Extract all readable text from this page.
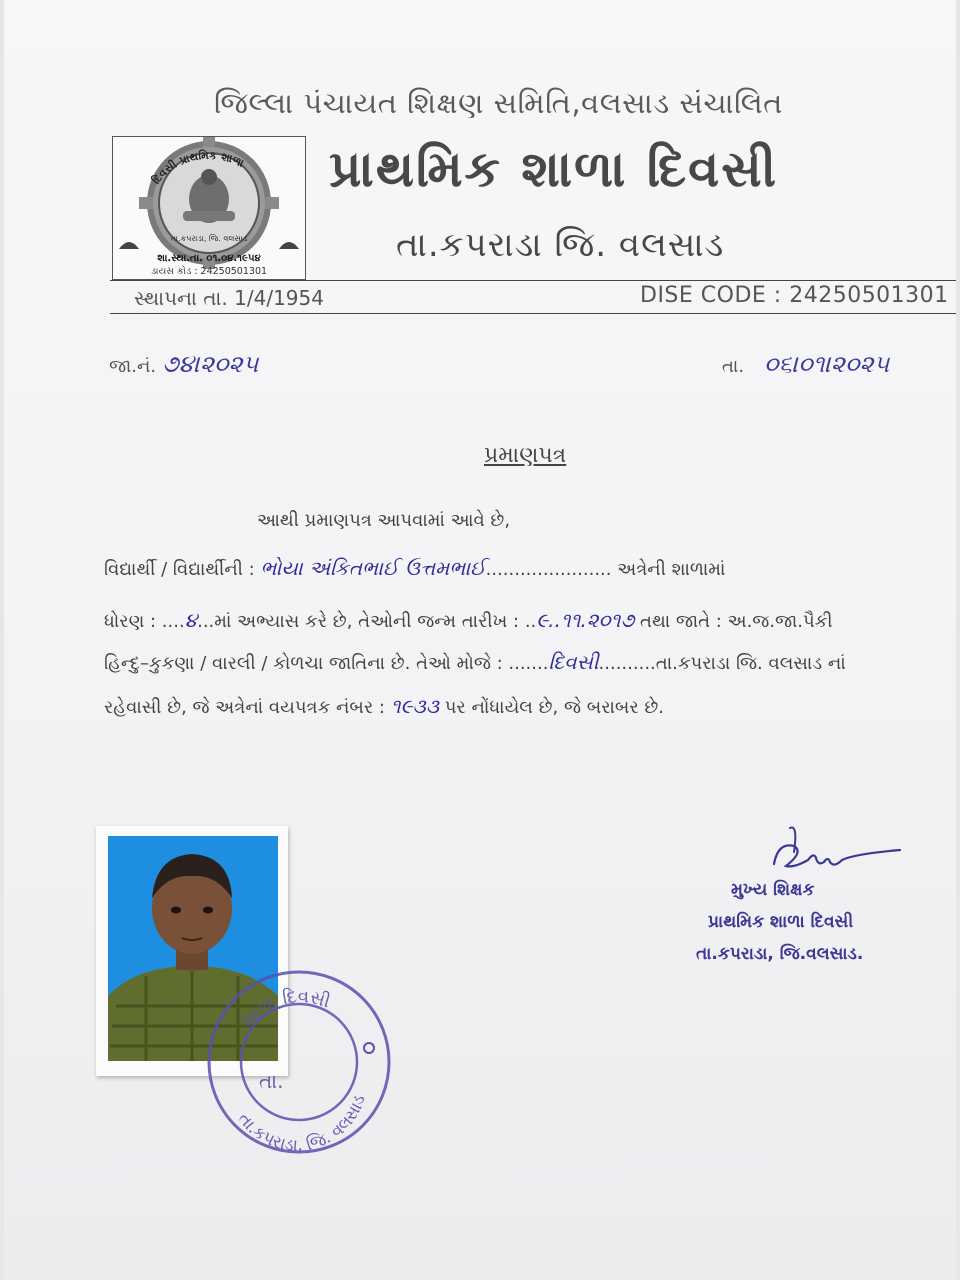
જિલ્લા પંચાયત શિક્ષણ સમિતિ,વલસાડ સંચાલિત
દિવસી પ્રાથમિક શાળા
તા.કપરાડા, જિ. વલસાડ
શા.સ્થા.તા. ૦૧.૦૪.૧૯૫૪
ડાયસ કોડ : 24250501301
પ્રાથમિક શાળા દિવસી
તા.કપરાડા જિ. વલસાડ
સ્થાપના તા. 1/4/1954	DISE CODE : 24250501301
જા.નં. ૭૪।૨૦૨૫	તા. ૦૬।૦૧।૨૦૨૫
પ્રમાણપત્ર
આથી પ્રમાણપત્ર આપવામાં આવે છે,
વિદ્યાર્થી / વિદ્યાર્થીની : ભોયા અંકિતભાઈ ઉત્તમભાઈ...................... અત્રેની શાળામાં
ધોરણ : ....૪...માં અભ્યાસ કરે છે, તેઓની જન્મ તારીખ : ..૯..૧૧.૨૦૧૭ તથા જાતે : અ.જ.જા.પૈકી
હિન્દુ–કુકણા / વારલી / કોળચા જાતિના છે. તેઓ મોજે : .......દિવસી..........તા.કપરાડા જિ. વલસાડ નાં
રહેવાસી છે, જે અત્રેનાં વયપત્રક નંબર : ૧૯૩૩ પર નોંધાયેલ છે, જે બરાબર છે.
શાળા દિવસી
તા.
તા.કપરાડા, જિ. વલસાડ
મુખ્ય શિક્ષક
પ્રાથમિક શાળા દિવસી
તા.કપરાડા, જિ.વલસાડ.
